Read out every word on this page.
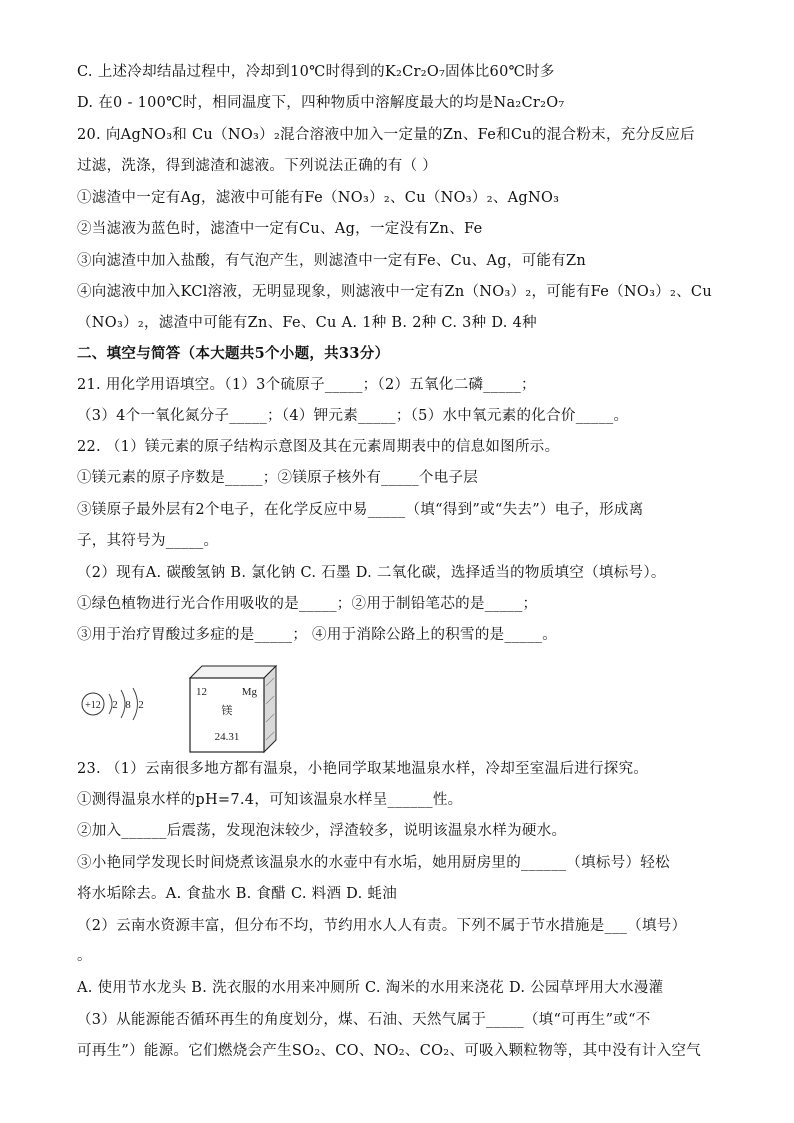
C. 上述冷却结晶过程中，冷却到10℃时得到的K₂Cr₂O₇固体比60℃时多
D. 在0 - 100℃时，相同温度下，四种物质中溶解度最大的均是Na₂Cr₂O₇
20. 向AgNO₃和 Cu（NO₃）₂混合溶液中加入一定量的Zn、Fe和Cu的混合粉末，充分反应后
过滤，洗涤，得到滤渣和滤液。下列说法正确的有（ ）
①滤渣中一定有Ag，滤液中可能有Fe（NO₃）₂、Cu（NO₃）₂、AgNO₃
②当滤液为蓝色时，滤渣中一定有Cu、Ag，一定没有Zn、Fe
③向滤渣中加入盐酸，有气泡产生，则滤渣中一定有Fe、Cu、Ag，可能有Zn
④向滤液中加入KCl溶液，无明显现象，则滤液中一定有Zn（NO₃）₂，可能有Fe（NO₃）₂、Cu
（NO₃）₂，滤渣中可能有Zn、Fe、Cu A. 1种 B. 2种 C. 3种 D. 4种
二、填空与简答（本大题共5个小题，共33分）
21. 用化学用语填空。（1）3个硫原子_____；（2）五氧化二磷_____；
（3）4个一氧化氮分子_____；（4）钾元素_____；（5）水中氧元素的化合价_____。
22. （1）镁元素的原子结构示意图及其在元素周期表中的信息如图所示。
①镁元素的原子序数是_____；②镁原子核外有_____个电子层
③镁原子最外层有2个电子，在化学反应中易_____（填“得到”或“失去”）电子，形成离
子，其符号为_____。
（2）现有A. 碳酸氢钠 B. 氯化钠 C. 石墨 D. 二氧化碳，选择适当的物质填空（填标号）。
①绿色植物进行光合作用吸收的是_____；②用于制铅笔芯的是_____；
③用于治疗胃酸过多症的是_____； ④用于消除公路上的积雪的是_____。
+12 2 8 2
12	Mg
镁
24.31
23. （1）云南很多地方都有温泉，小艳同学取某地温泉水样，冷却至室温后进行探究。
①测得温泉水样的pH=7.4，可知该温泉水样呈______性。
②加入______后震荡，发现泡沫较少，浮渣较多，说明该温泉水样为硬水。
③小艳同学发现长时间烧煮该温泉水的水壶中有水垢，她用厨房里的______（填标号）轻松
将水垢除去。A. 食盐水 B. 食醋 C. 料酒 D. 蚝油
（2）云南水资源丰富，但分布不均，节约用水人人有责。下列不属于节水措施是___（填号）
。
A. 使用节水龙头 B. 洗衣服的水用来冲厕所 C. 淘米的水用来浇花 D. 公园草坪用大水漫灌
（3）从能源能否循环再生的角度划分，煤、石油、天然气属于_____（填“可再生”或“不
可再生”）能源。它们燃烧会产生SO₂、CO、NO₂、CO₂、可吸入颗粒物等，其中没有计入空气
